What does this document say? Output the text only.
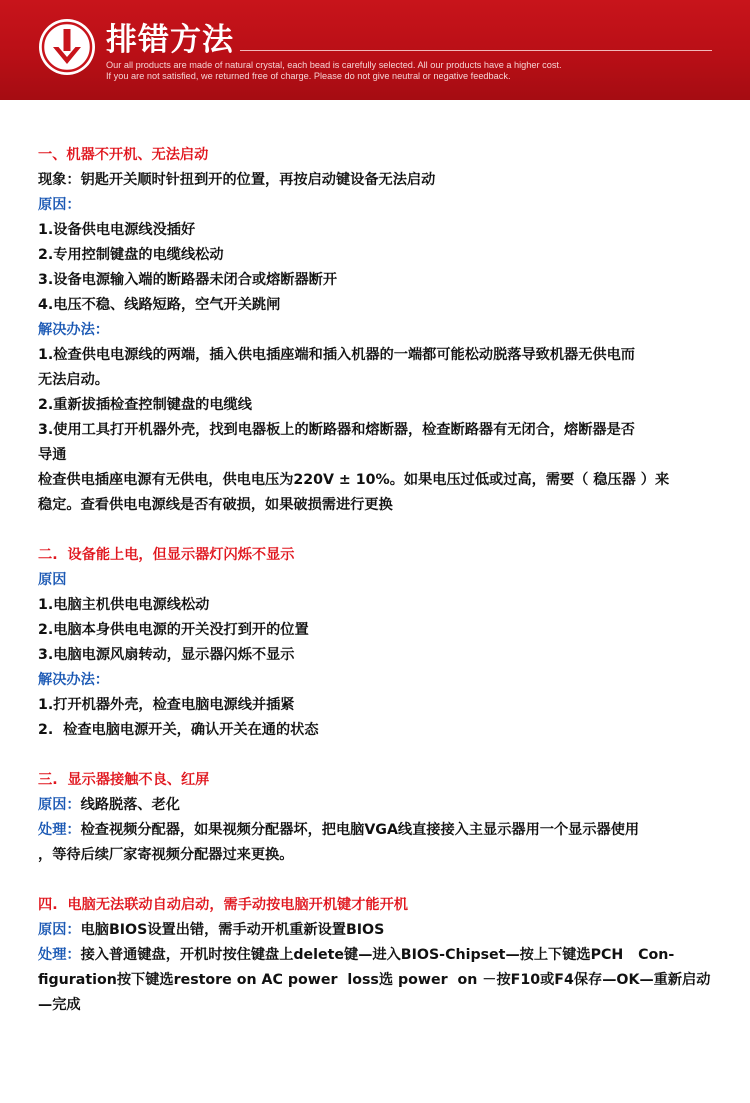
排错方法
Our all products are made of natural crystal, each bead is carefully selected. All our products have a higher cost.
If you are not satisfied, we returned free of charge. Please do not give neutral or negative feedback.
一、机器不开机、无法启动
现象：钥匙开关顺时针扭到开的位置，再按启动键设备无法启动
原因：
1.设备供电电源线没插好
2.专用控制键盘的电缆线松动
3.设备电源输入端的断路器未闭合或熔断器断开
4.电压不稳、线路短路，空气开关跳闸
解决办法：
1.检查供电电源线的两端，插入供电插座端和插入机器的一端都可能松动脱落导致机器无供电而
无法启动。
2.重新拔插检查控制键盘的电缆线
3.使用工具打开机器外壳，找到电器板上的断路器和熔断器，检查断路器有无闭合，熔断器是否
导通
检查供电插座电源有无供电，供电电压为220V ± 10%。如果电压过低或过高，需要（ 稳压器 ）来
稳定。查看供电电源线是否有破损，如果破损需进行更换
二.  设备能上电，但显示器灯闪烁不显示
原因
1.电脑主机供电电源线松动
2.电脑本身供电电源的开关没打到开的位置
3.电脑电源风扇转动，显示器闪烁不显示
解决办法：
1.打开机器外壳，检查电脑电源线并插紧
2.  检查电脑电源开关，确认开关在通的状态
三.  显示器接触不良、红屏
原因：线路脱落、老化
处理：检查视频分配器，如果视频分配器坏，把电脑VGA线直接接入主显示器用一个显示器使用
，等待后续厂家寄视频分配器过来更换。
四.  电脑无法联动自动启动，需手动按电脑开机键才能开机
原因：电脑BIOS设置出错，需手动开机重新设置BIOS
处理：接入普通键盘，开机时按住键盘上delete键—进入BIOS-Chipset—按上下键选PCH   Con-
figuration按下键选restore on AC power  loss选 power  on －按F10或F4保存—OK—重新启动
—完成
